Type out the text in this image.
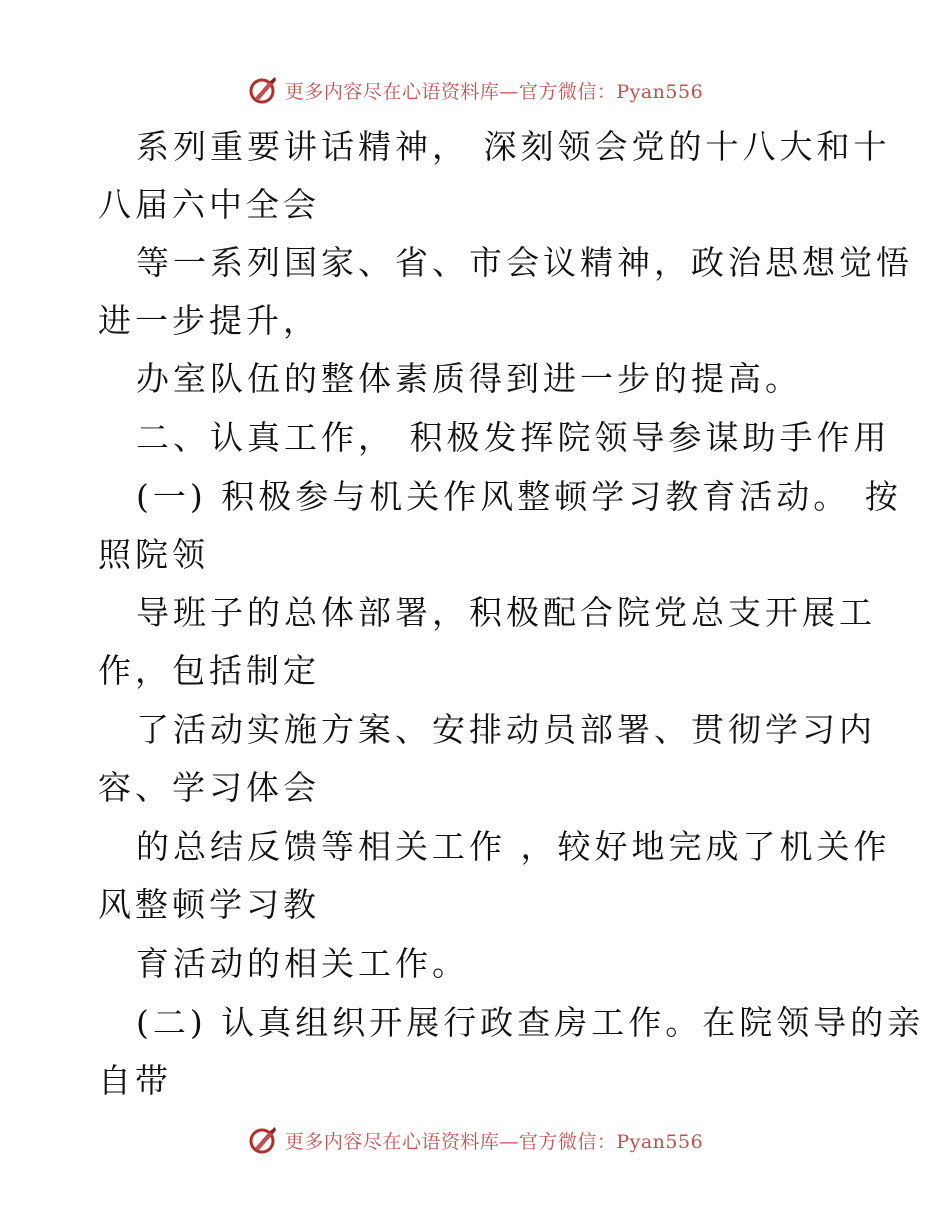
更多内容尽在心语资料库—官方微信：Pyan556
系列重要讲话精神， 深刻领会党的十八大和十
八届六中全会
等一系列国家、省、市会议精神，政治思想觉悟
进一步提升，
办室队伍的整体素质得到进一步的提高。
二、认真工作， 积极发挥院领导参谋助手作用
(一) 积极参与机关作风整顿学习教育活动。 按
照院领
导班子的总体部署，积极配合院党总支开展工
作，包括制定
了活动实施方案、安排动员部署、贯彻学习内
容、学习体会
的总结反馈等相关工作 ，较好地完成了机关作
风整顿学习教
育活动的相关工作。
(二) 认真组织开展行政查房工作。在院领导的亲
自带
更多内容尽在心语资料库—官方微信：Pyan556
